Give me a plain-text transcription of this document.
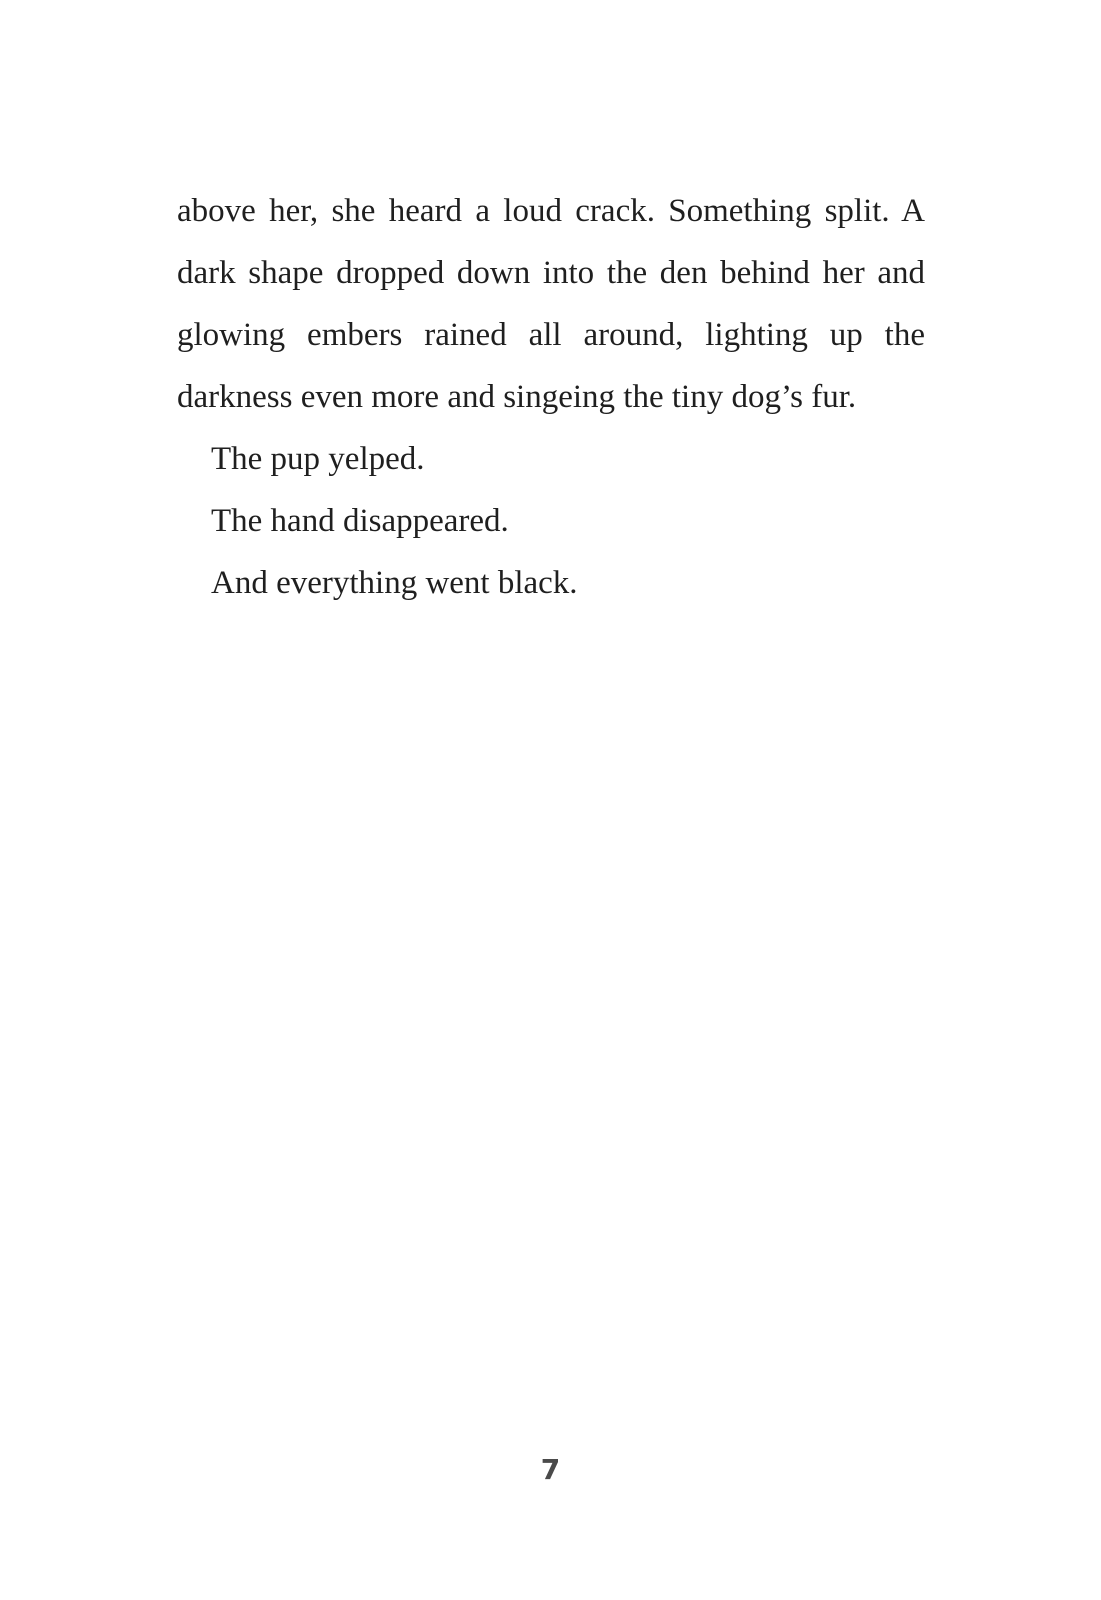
above her, she heard a loud crack. Something split. A dark shape dropped down into the den behind her and glowing embers rained all around, lighting up the darkness even more and singeing the tiny dog’s fur.

The pup yelped.

The hand disappeared.

And everything went black.

7
